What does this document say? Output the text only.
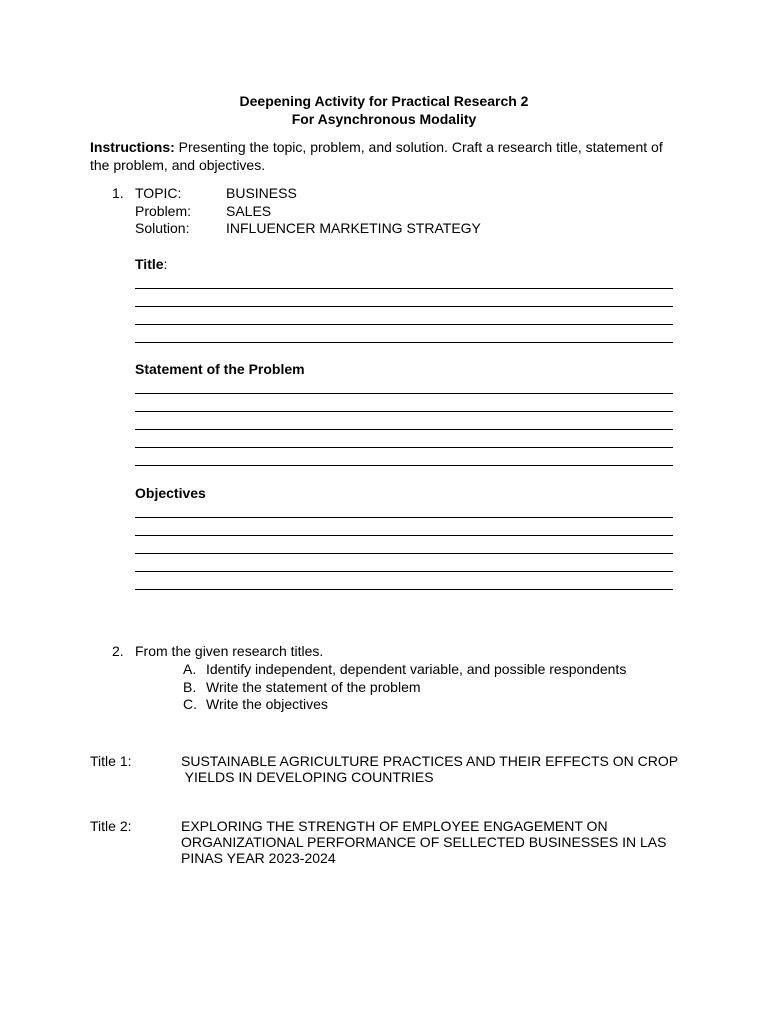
Deepening Activity for Practical Research 2
For Asynchronous Modality
Instructions: Presenting the topic, problem, and solution. Craft a research title, statement of
the problem, and objectives.
1. TOPIC:	BUSINESS
Problem: SALES
Solution:	INFLUENCER MARKETING STRATEGY
Title:
Statement of the Problem
Objectives
2. From the given research titles.
A. Identify independent, dependent variable, and possible respondents
B. Write the statement of the problem
C. Write the objectives
Title 1:	SUSTAINABLE AGRICULTURE PRACTICES AND THEIR EFFECTS ON CROP
YIELDS IN DEVELOPING COUNTRIES
Title 2:	EXPLORING THE STRENGTH OF EMPLOYEE ENGAGEMENT ON
ORGANIZATIONAL PERFORMANCE OF SELLECTED BUSINESSES IN LAS
PINAS YEAR 2023-2024
